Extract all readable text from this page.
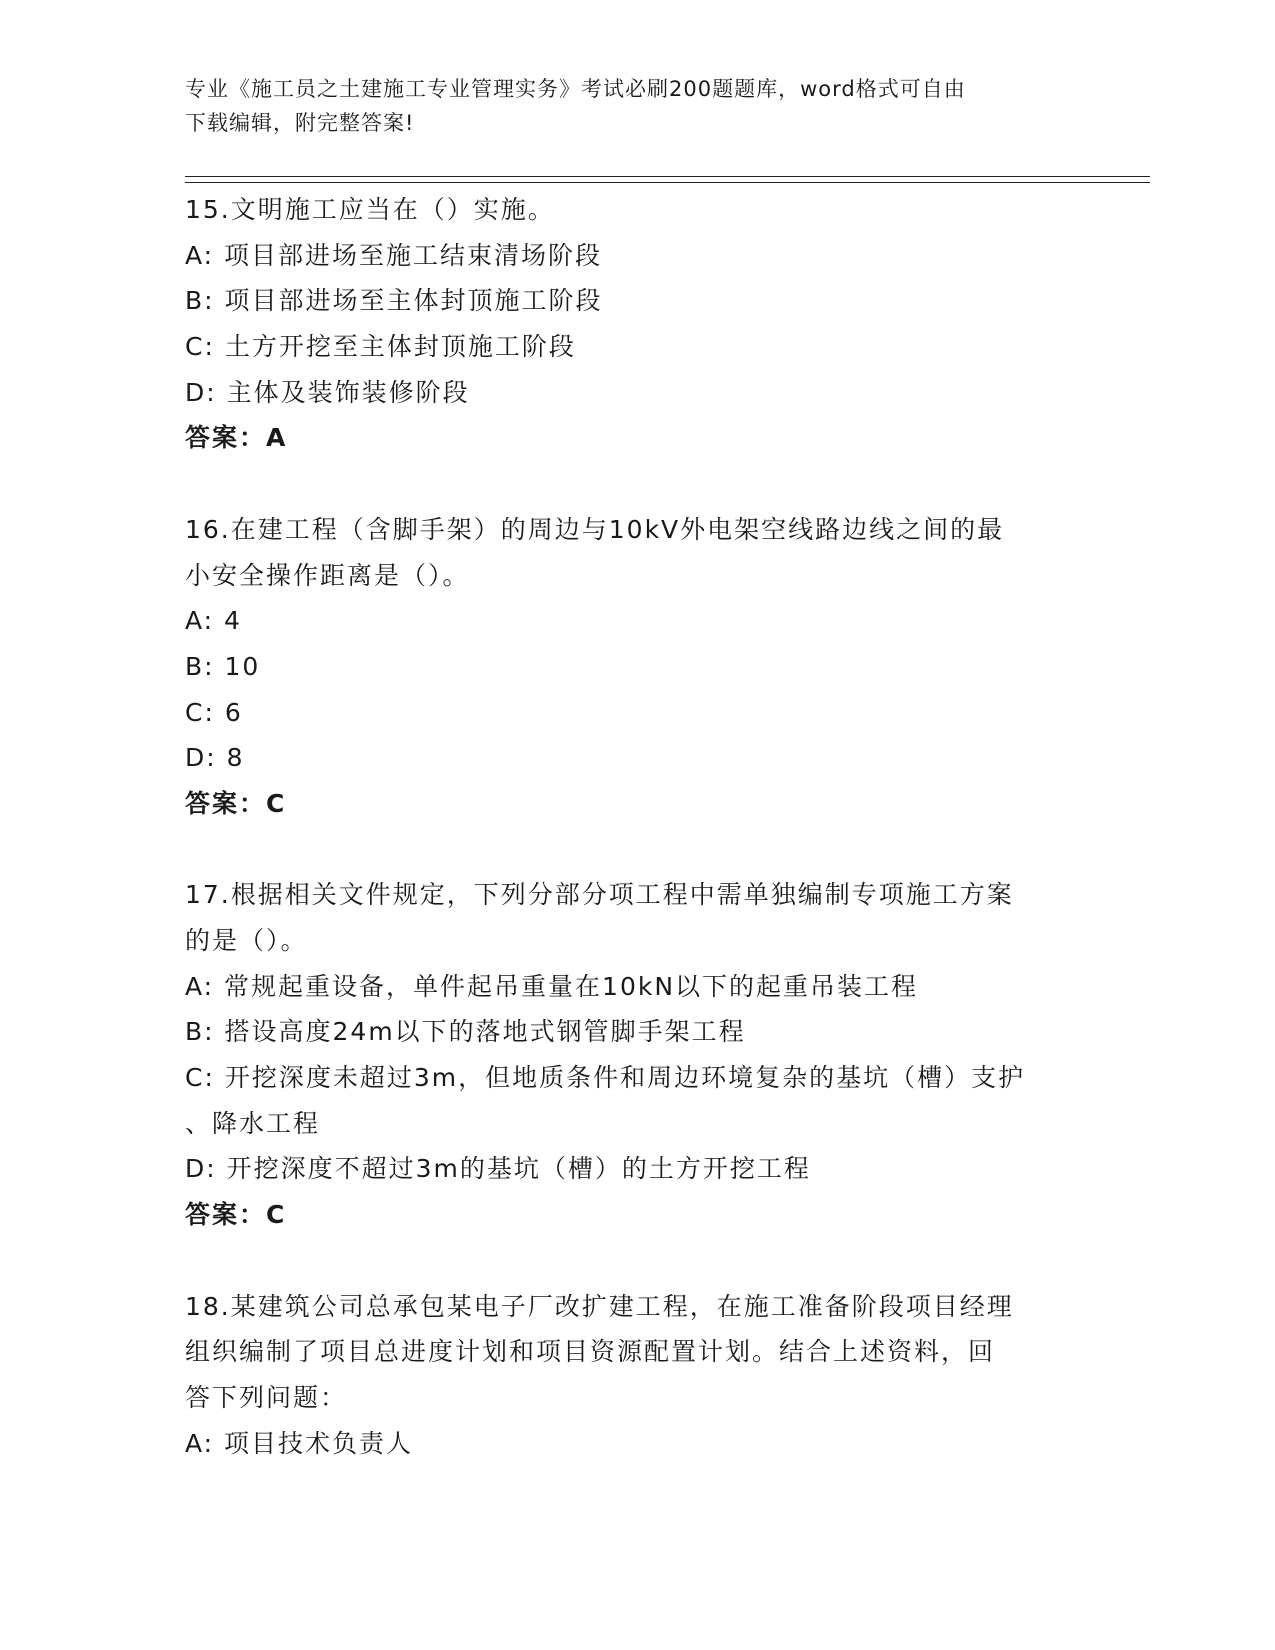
专业《施工员之土建施工专业管理实务》考试必刷200题题库，word格式可自由
下载编辑，附完整答案!
15.文明施工应当在（）实施。
A: 项目部进场至施工结束清场阶段
B: 项目部进场至主体封顶施工阶段
C: 土方开挖至主体封顶施工阶段
D: 主体及装饰装修阶段
答案：A
16.在建工程（含脚手架）的周边与10kV外电架空线路边线之间的最
小安全操作距离是（）。
A: 4
B: 10
C: 6
D: 8
答案：C
17.根据相关文件规定，下列分部分项工程中需单独编制专项施工方案
的是（）。
A: 常规起重设备，单件起吊重量在10kN以下的起重吊装工程
B: 搭设高度24m以下的落地式钢管脚手架工程
C: 开挖深度未超过3m，但地质条件和周边环境复杂的基坑（槽）支护
、降水工程
D: 开挖深度不超过3m的基坑（槽）的土方开挖工程
答案：C
18.某建筑公司总承包某电子厂改扩建工程，在施工准备阶段项目经理
组织编制了项目总进度计划和项目资源配置计划。结合上述资料，回
答下列问题：
A: 项目技术负责人
